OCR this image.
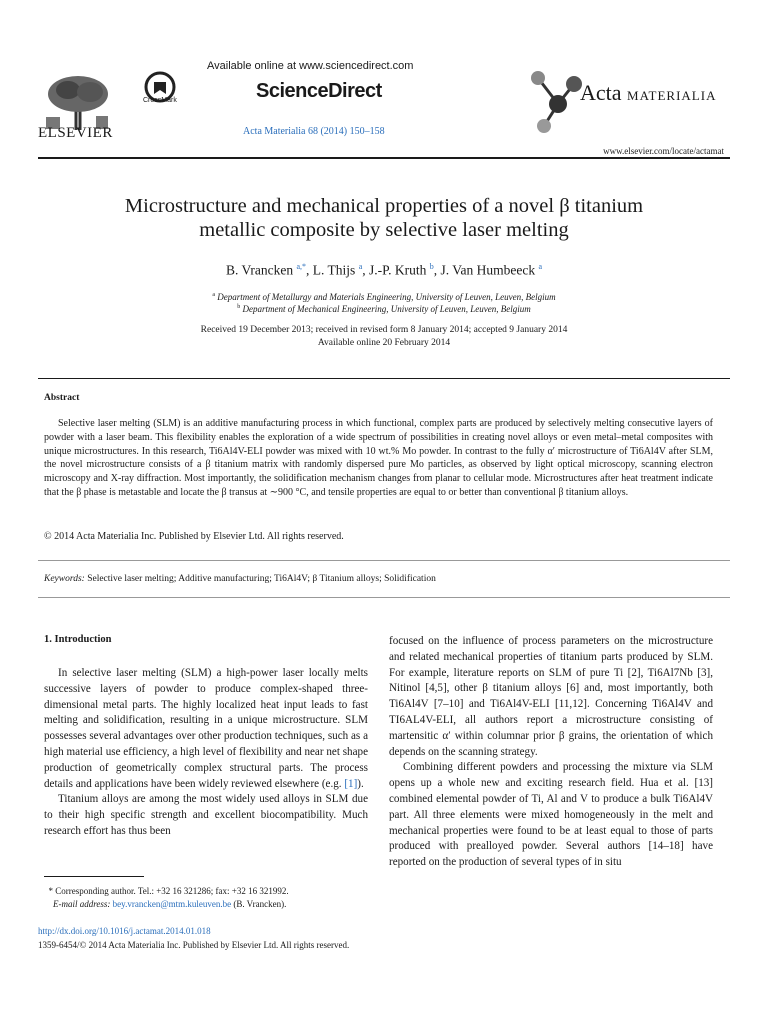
ELSEVIER
CrossMark
Available online at www.sciencedirect.com
ScienceDirect
Acta Materialia 68 (2014) 150–158
Acta MATERIALIA
www.elsevier.com/locate/actamat
Microstructure and mechanical properties of a novel β titanium
metallic composite by selective laser melting
B. Vrancken $^{a,*}$, L. Thijs $^a$, J.-P. Kruth $^b$, J. Van Humbeeck $^a$
$^a$ Department of Metallurgy and Materials Engineering, University of Leuven, Leuven, Belgium
$^b$ Department of Mechanical Engineering, University of Leuven, Leuven, Belgium
Received 19 December 2013; received in revised form 8 January 2014; accepted 9 January 2014
Available online 20 February 2014
Abstract
Selective laser melting (SLM) is an additive manufacturing process in which functional, complex parts are produced by selectively melting consecutive layers of powder with a laser beam. This flexibility enables the exploration of a wide spectrum of possibilities in creating novel alloys or even metal–metal composites with unique microstructures. In this research, Ti6Al4V-ELI powder was mixed with 10 wt.% Mo powder. In contrast to the fully α′ microstructure of Ti6Al4V after SLM, the novel microstructure consists of a β titanium matrix with randomly dispersed pure Mo particles, as observed by light optical microscopy, scanning electron microscopy and X-ray diffraction. Most importantly, the solidification mechanism changes from planar to cellular mode. Microstructures after heat treatment indicate that the β phase is metastable and locate the β transus at ∼900 °C, and tensile properties are equal to or better than conventional β titanium alloys.
© 2014 Acta Materialia Inc. Published by Elsevier Ltd. All rights reserved.
Keywords: Selective laser melting; Additive manufacturing; Ti6Al4V; β Titanium alloys; Solidification
1. Introduction

In selective laser melting (SLM) a high-power laser locally melts successive layers of powder to produce complex-shaped three-dimensional metal parts. The highly localized heat input leads to fast melting and solidification, resulting in a unique microstructure. SLM possesses several advantages over other production techniques, such as a high material use efficiency, a high level of flexibility and near net shape production of geometrically complex structural parts. The process details and applications have been widely reviewed elsewhere (e.g. [1]).

Titanium alloys are among the most widely used alloys in SLM due to their high specific strength and excellent biocompatibility. Much research effort has thus been

focused on the influence of process parameters on the microstructure and related mechanical properties of titanium parts produced by SLM. For example, literature reports on SLM of pure Ti [2], Ti6Al7Nb [3], Nitinol [4,5], other β titanium alloys [6] and, most importantly, both Ti6Al4V [7–10] and Ti6Al4V-ELI [11,12]. Concerning Ti6Al4V and TI6AL4V-ELI, all authors report a microstructure consisting of martensitic α′ within columnar prior β grains, the orientation of which depends on the scanning strategy.

Combining different powders and processing the mixture via SLM opens up a whole new and exciting research field. Hua et al. [13] combined elemental powder of Ti, Al and V to produce a bulk Ti6Al4V part. All three elements were mixed homogeneously in the melt and mechanical properties were found to be at least equal to those of parts produced with prealloyed powder. Several authors [14–18] have reported on the production of several types of in situ

* Corresponding author. Tel.: +32 16 321286; fax: +32 16 321992.
E-mail address: bey.vrancken@mtm.kuleuven.be (B. Vrancken).
http://dx.doi.org/10.1016/j.actamat.2014.01.018
1359-6454/© 2014 Acta Materialia Inc. Published by Elsevier Ltd. All rights reserved.
